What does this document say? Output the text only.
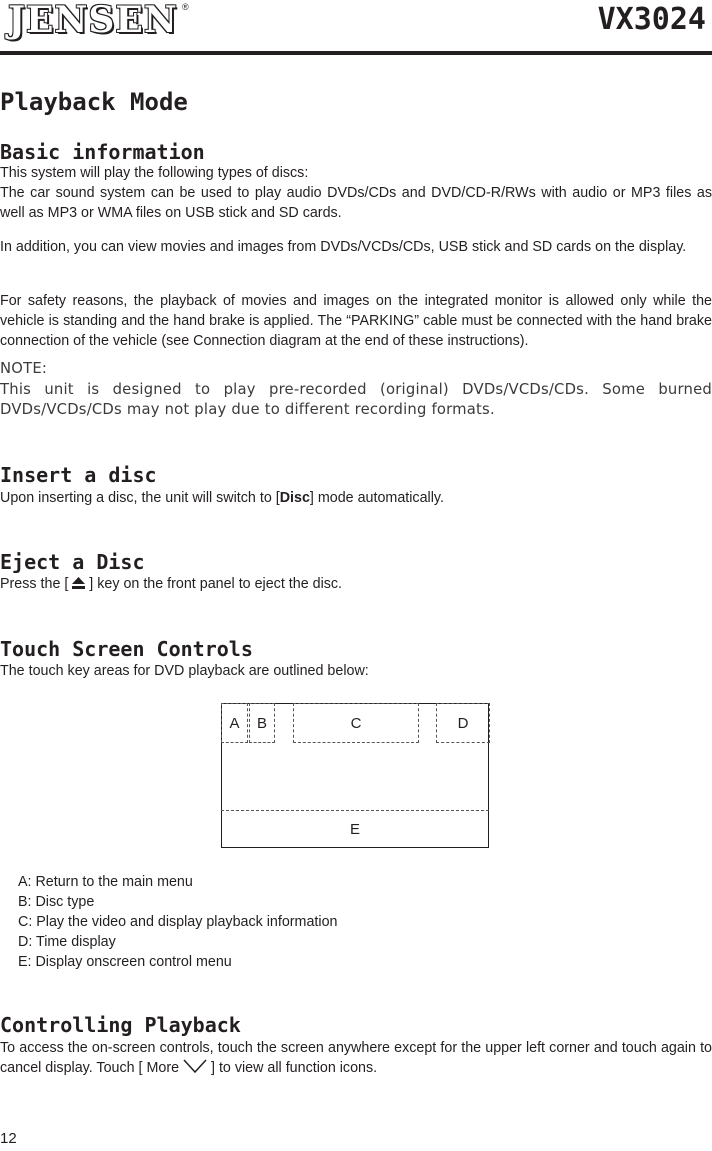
JENSEN ®	VX3024
Playback Mode
Basic information

This system will play the following types of discs:

The car sound system can be used to play audio DVDs/CDs and DVD/CD-R/RWs with audio or MP3 files as well as MP3 or WMA files on USB stick and SD cards.

In addition, you can view movies and images from DVDs/VCDs/CDs, USB stick and SD cards on the display.

For safety reasons, the playback of movies and images on the integrated monitor is allowed only while the vehicle is standing and the hand brake is applied. The “PARKING” cable must be connected with the hand brake connection of the vehicle (see Connection diagram at the end of these instructions).

NOTE:

This unit is designed to play pre-recorded (original) DVDs/VCDs/CDs. Some burned DVDs/VCDs/CDs may not play due to different recording formats.

Insert a disc

Upon inserting a disc, the unit will switch to [Disc] mode automatically.

Eject a Disc

Press the [  ] key on the front panel to eject the disc.

Touch Screen Controls

The touch key areas for DVD playback are outlined below:

A	B	C	D
E
A: Return to the main menu
B: Disc type
C: Play the video and display playback information
D: Time display
E: Display onscreen control menu
Controlling Playback

To access the on-screen controls, touch the screen anywhere except for the upper left corner and touch again to cancel display. Touch [ More  ] to view all function icons.

12
